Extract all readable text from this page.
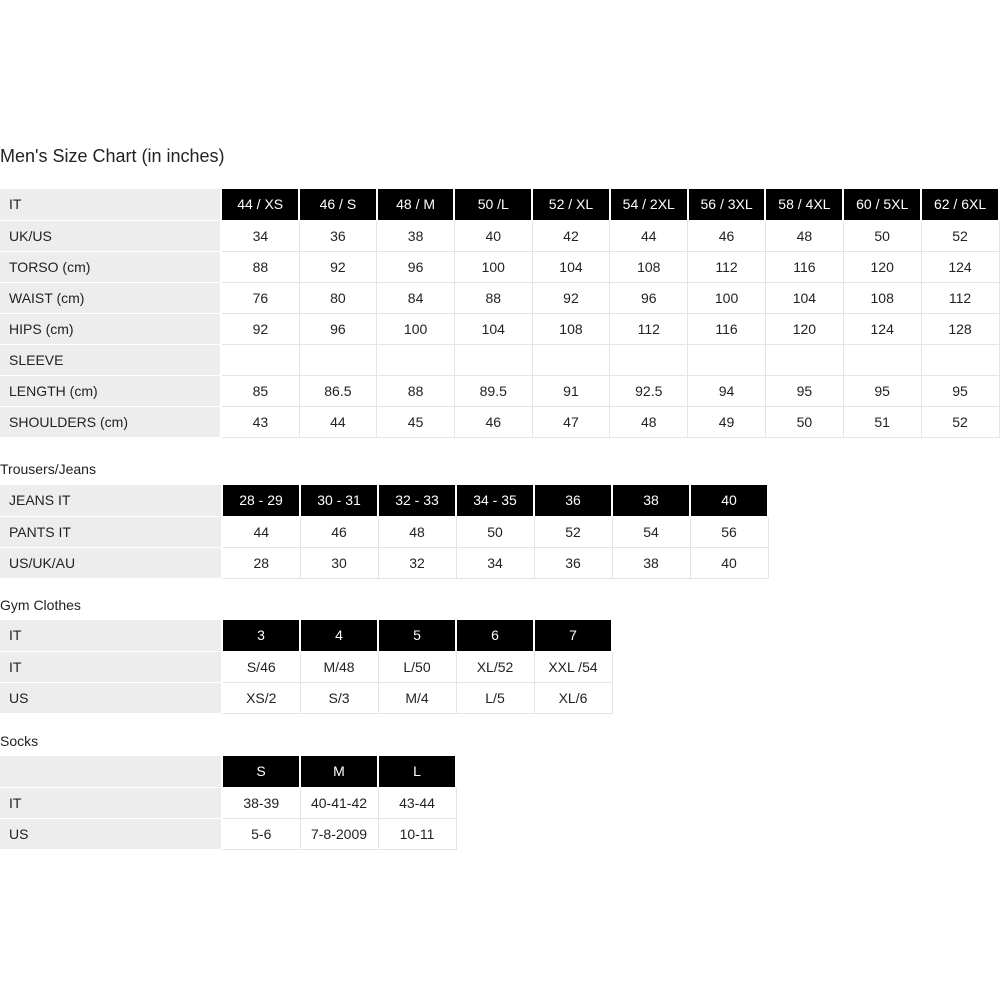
Men's Size Chart (in inches)
IT	44 / XS	46 / S	48 / M	50 /L	52 / XL	54 / 2XL	56 / 3XL	58 / 4XL	60 / 5XL	62 / 6XL
UK/US	34	36	38	40	42	44	46	48	50	52
TORSO (cm)	88	92	96	100	104	108	112	116	120	124
WAIST (cm)	76	80	84	88	92	96	100	104	108	112
HIPS (cm)	92	96	100	104	108	112	116	120	124	128
SLEEVE										
LENGTH (cm)	85	86.5	88	89.5	91	92.5	94	95	95	95
SHOULDERS (cm)	43	44	45	46	47	48	49	50	51	52
Trousers/Jeans
JEANS IT	28 - 29	30 - 31	32 - 33	34 - 35	36	38	40
PANTS IT	44	46	48	50	52	54	56
US/UK/AU	28	30	32	34	36	38	40
Gym Clothes
IT	3	4	5	6	7
IT	S/46	M/48	L/50	XL/52	XXL /54
US	XS/2	S/3	M/4	L/5	XL/6
Socks
	S	M	L
IT	38-39	40-41-42	43-44
US	5-6	7-8-2009	10-11
